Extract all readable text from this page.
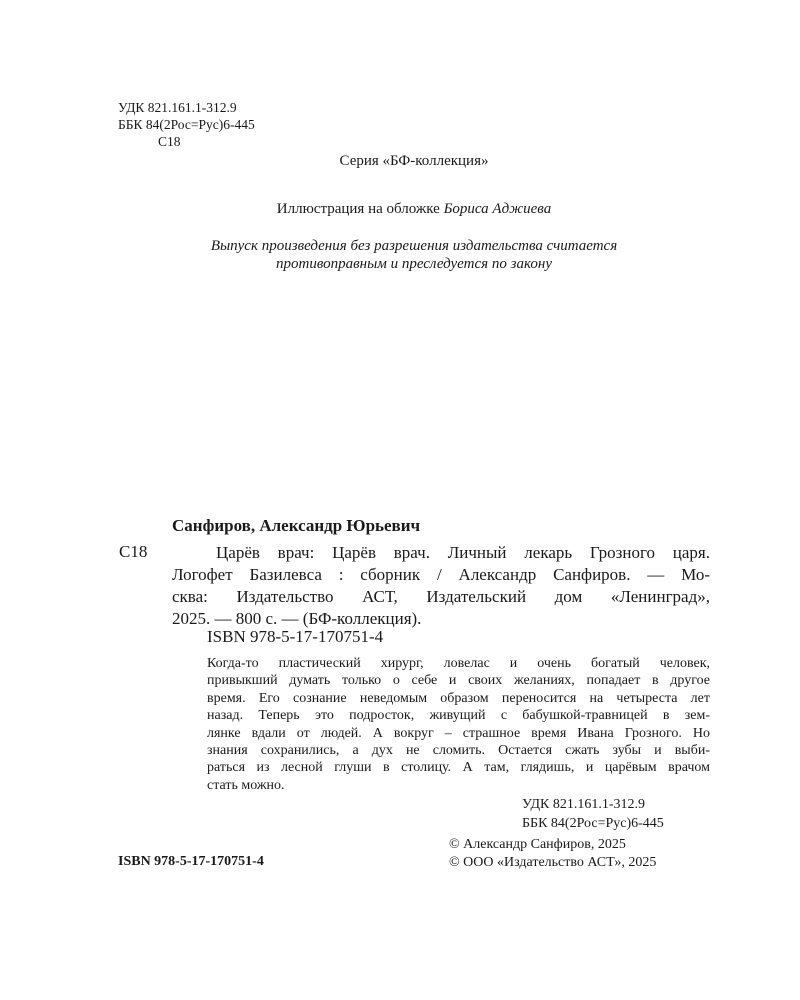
УДК 821.161.1-312.9
ББК 84(2Рос=Рус)6-445
С18
Серия «БФ-коллекция»
Иллюстрация на обложке Бориса Аджиева
Выпуск произведения без разрешения издательства считается
противоправным и преследуется по закону
Санфиров, Александр Юрьевич
С18	Царёв врач: Царёв врач. Личный лекарь Грозного царя.
Логофет Базилевса : сборник / Александр Санфиров. — Мо-
сква: Издательство АСТ, Издательский дом «Ленинград»,
2025. — 800 с. — (БФ-коллекция).
ISBN 978-5-17-170751-4
Когда-то пластический хирург, ловелас и очень богатый человек,
привыкший думать только о себе и своих желаниях, попадает в другое
время. Его сознание неведомым образом переносится на четыреста лет
назад. Теперь это подросток, живущий с бабушкой-травницей в зем-
лянке вдали от людей. А вокруг – страшное время Ивана Грозного. Но
знания сохранились, а дух не сломить. Остается сжать зубы и выби-
раться из лесной глуши в столицу. А там, глядишь, и царёвым врачом
стать можно.
УДК 821.161.1-312.9
ББК 84(2Рос=Рус)6-445
© Александр Санфиров, 2025
© ООО «Издательство АСТ», 2025
ISBN 978-5-17-170751-4
